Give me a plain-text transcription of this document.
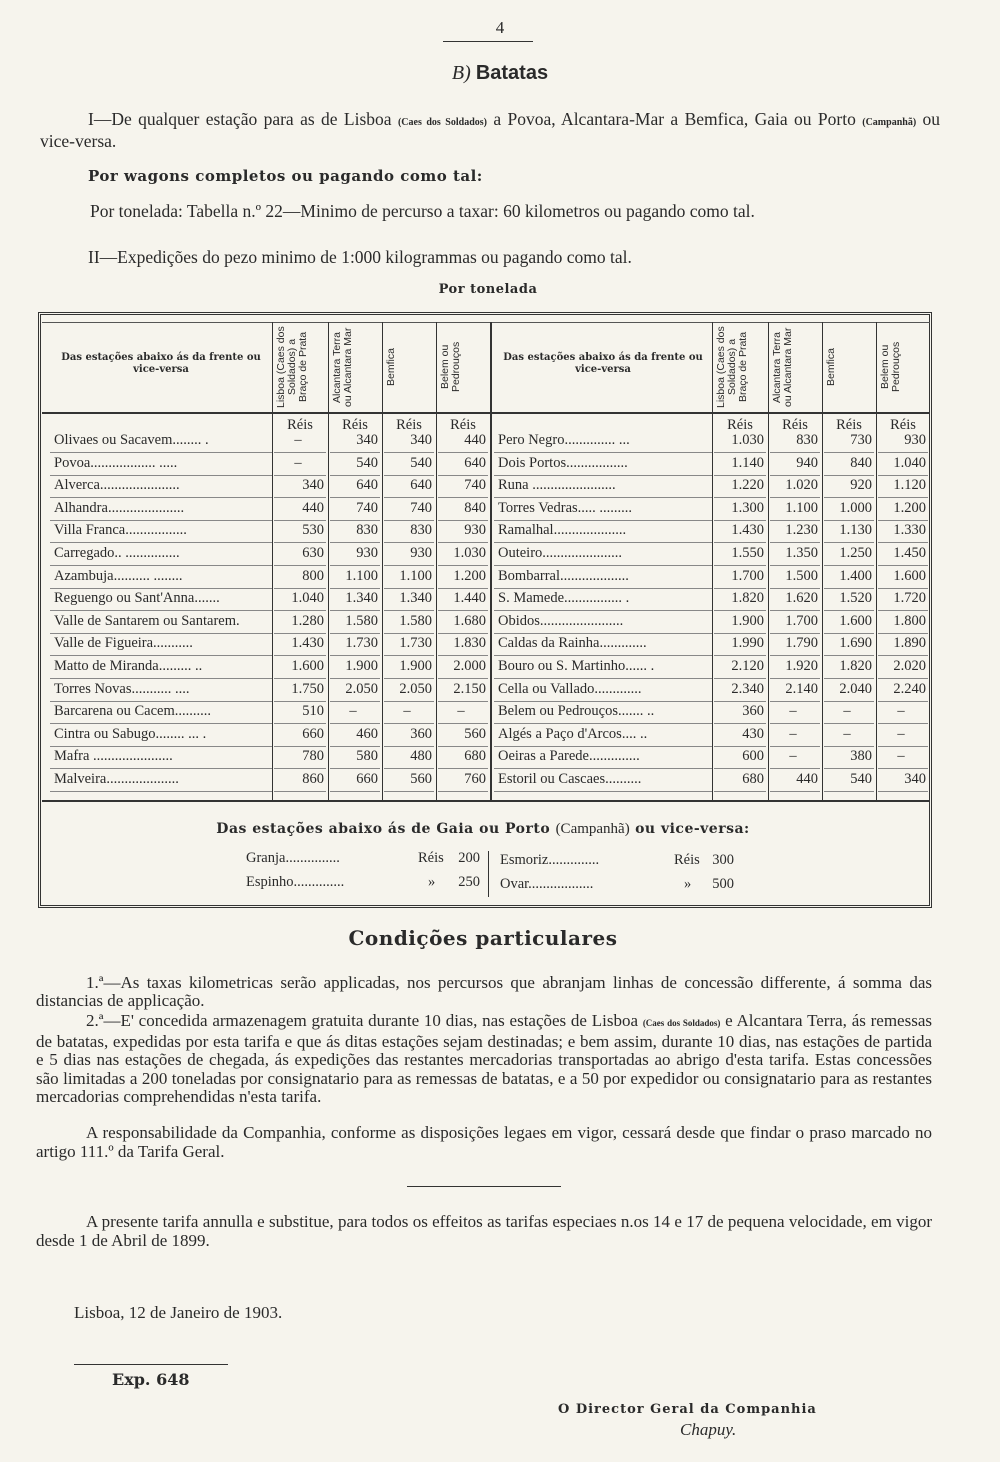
4
B) Batatas
I—De qualquer estação para as de Lisboa (Caes dos Soldados) a Povoa, Alcantara-Mar a Bemfica, Gaia ou Porto (Campanhã) ou vice-versa.
Por wagons completos ou pagando como tal:
Por tonelada: Tabella n.º 22—Minimo de percurso a taxar: 60 kilometros ou pagando como tal.
II—Expedições do pezo minimo de 1:000 kilogrammas ou pagando como tal.
Por tonelada
Das estações abaixo ás da frente ou vice-versa
Das estações abaixo ás da frente ou vice-versa
Lisboa (Caes dos Soldados) a Braço de Prata	Alcantara Terra ou Alcantara Mar	Bemfica	Belem ou Pedrouços	Lisboa (Caes dos Soldados) a Braço de Prata	Alcantara Terra ou Alcantara Mar	Bemfica	Belem ou Pedrouços
Réis	Réis	Réis	Réis	Réis	Réis	Réis	Réis
Olivaes ou Sacavem........ .	–	340	340	440
Povoa.................. .....	–	540	540	640
Alverca......................	340	640	640	740
Alhandra.....................	440	740	740	840
Villa Franca.................	530	830	830	930
Carregado.. ...............	630	930	930	1.030
Azambuja.......... ........	800	1.100	1.100	1.200
Reguengo ou Sant'Anna.......	1.040	1.340	1.340	1.440
Valle de Santarem ou Santarem.	1.280	1.580	1.580	1.680
Valle de Figueira...........	1.430	1.730	1.730	1.830
Matto de Miranda......... ..	1.600	1.900	1.900	2.000
Torres Novas........... ....	1.750	2.050	2.050	2.150
Barcarena ou Cacem..........	510	–	–	–
Cintra ou Sabugo........ ... .	660	460	360	560
Mafra ......................	780	580	480	680
Malveira....................	860	660	560	760
Pero Negro.............. ...	1.030	830	730	930
Dois Portos.................	1.140	940	840	1.040
Runa .......................	1.220	1.020	920	1.120
Torres Vedras..... .........	1.300	1.100	1.000	1.200
Ramalhal....................	1.430	1.230	1.130	1.330
Outeiro......................	1.550	1.350	1.250	1.450
Bombarral...................	1.700	1.500	1.400	1.600
S. Mamede................ .	1.820	1.620	1.520	1.720
Obidos.......................	1.900	1.700	1.600	1.800
Caldas da Rainha.............	1.990	1.790	1.690	1.890
Bouro ou S. Martinho...... .	2.120	1.920	1.820	2.020
Cella ou Vallado.............	2.340	2.140	2.040	2.240
Belem ou Pedrouços....... ..	360	–	–	–
Algés a Paço d'Arcos.... ..	430	–	–	–
Oeiras a Parede..............	600	–	380	–
Estoril ou Cascaes..........	680	440	540	340
Das estações abaixo ás de Gaia ou Porto (Campanhã) ou vice-versa:
Granja...............	Réis 200
Espinho..............	»	250
Esmoriz..............	Réis 300
Ovar..................	»	500
Condições particulares
1.ª—As taxas kilometricas serão applicadas, nos percursos que abranjam linhas de concessão differente, á somma das distancias de applicação.
2.ª—E' concedida armazenagem gratuita durante 10 dias, nas estações de Lisboa (Caes dos Soldados) e Alcantara Terra, ás remessas de batatas, expedidas por esta tarifa e que ás ditas estações sejam destinadas; e bem assim, durante 10 dias, nas estações de partida e 5 dias nas estações de chegada, ás expedições das restantes mercadorias transportadas ao abrigo d'esta tarifa. Estas concessões são limitadas a 200 toneladas por consignatario para as remessas de batatas, e a 50 por expedidor ou consignatario para as restantes mercadorias comprehendidas n'esta tarifa.
A responsabilidade da Companhia, conforme as disposições legaes em vigor, cessará desde que findar o praso marcado no artigo 111.º da Tarifa Geral.
A presente tarifa annulla e substitue, para todos os effeitos as tarifas especiaes n.os 14 e 17 de pequena velocidade, em vigor desde 1 de Abril de 1899.
Lisboa, 12 de Janeiro de 1903.
Exp. 648
O Director Geral da Companhia
Chapuy.
